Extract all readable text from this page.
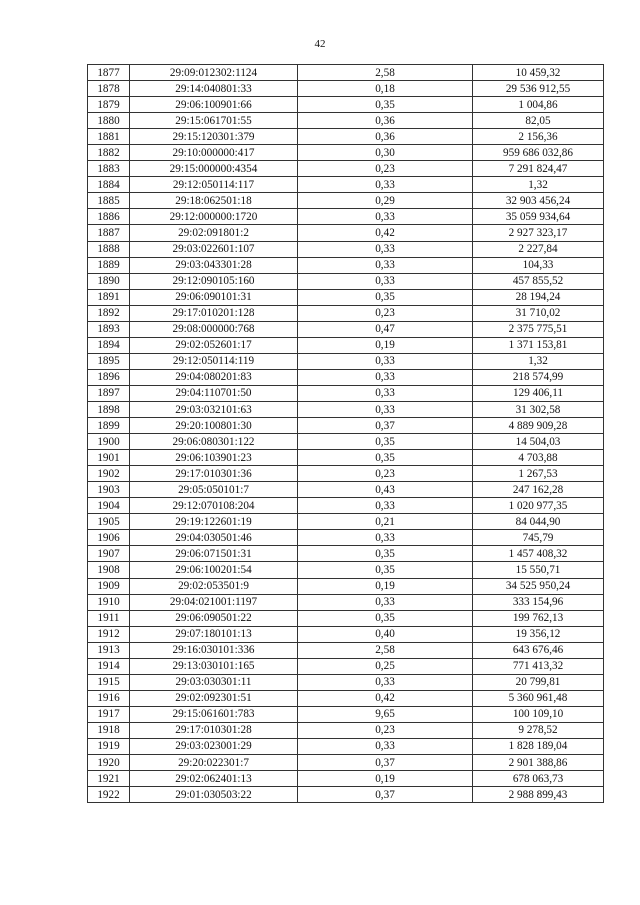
42
1877	29:09:012302:1124	2,58	10 459,32
1878	29:14:040801:33	0,18	29 536 912,55
1879	29:06:100901:66	0,35	1 004,86
1880	29:15:061701:55	0,36	82,05
1881	29:15:120301:379	0,36	2 156,36
1882	29:10:000000:417	0,30	959 686 032,86
1883	29:15:000000:4354	0,23	7 291 824,47
1884	29:12:050114:117	0,33	1,32
1885	29:18:062501:18	0,29	32 903 456,24
1886	29:12:000000:1720	0,33	35 059 934,64
1887	29:02:091801:2	0,42	2 927 323,17
1888	29:03:022601:107	0,33	2 227,84
1889	29:03:043301:28	0,33	104,33
1890	29:12:090105:160	0,33	457 855,52
1891	29:06:090101:31	0,35	28 194,24
1892	29:17:010201:128	0,23	31 710,02
1893	29:08:000000:768	0,47	2 375 775,51
1894	29:02:052601:17	0,19	1 371 153,81
1895	29:12:050114:119	0,33	1,32
1896	29:04:080201:83	0,33	218 574,99
1897	29:04:110701:50	0,33	129 406,11
1898	29:03:032101:63	0,33	31 302,58
1899	29:20:100801:30	0,37	4 889 909,28
1900	29:06:080301:122	0,35	14 504,03
1901	29:06:103901:23	0,35	4 703,88
1902	29:17:010301:36	0,23	1 267,53
1903	29:05:050101:7	0,43	247 162,28
1904	29:12:070108:204	0,33	1 020 977,35
1905	29:19:122601:19	0,21	84 044,90
1906	29:04:030501:46	0,33	745,79
1907	29:06:071501:31	0,35	1 457 408,32
1908	29:06:100201:54	0,35	15 550,71
1909	29:02:053501:9	0,19	34 525 950,24
1910	29:04:021001:1197	0,33	333 154,96
1911	29:06:090501:22	0,35	199 762,13
1912	29:07:180101:13	0,40	19 356,12
1913	29:16:030101:336	2,58	643 676,46
1914	29:13:030101:165	0,25	771 413,32
1915	29:03:030301:11	0,33	20 799,81
1916	29:02:092301:51	0,42	5 360 961,48
1917	29:15:061601:783	9,65	100 109,10
1918	29:17:010301:28	0,23	9 278,52
1919	29:03:023001:29	0,33	1 828 189,04
1920	29:20:022301:7	0,37	2 901 388,86
1921	29:02:062401:13	0,19	678 063,73
1922	29:01:030503:22	0,37	2 988 899,43
